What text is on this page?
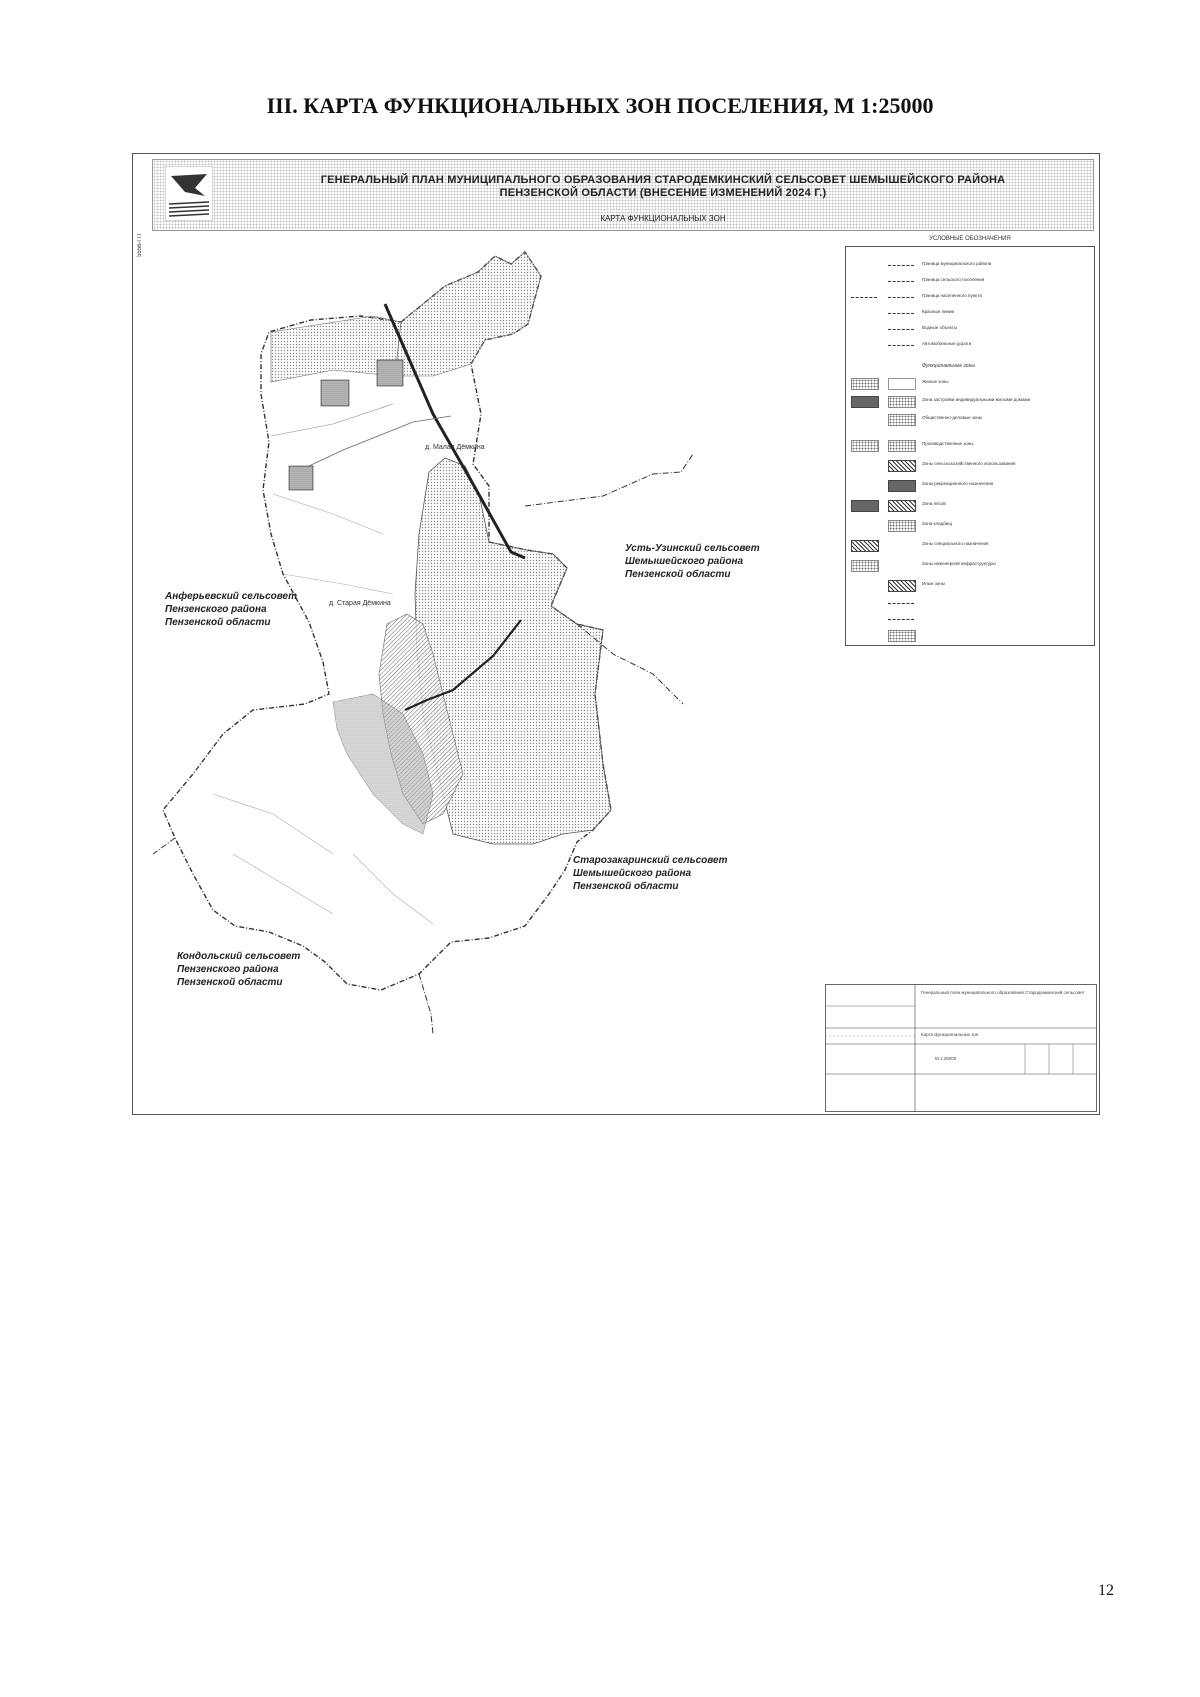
III. КАРТА ФУНКЦИОНАЛЬНЫХ ЗОН ПОСЕЛЕНИЯ, М 1:25000

ГЕНЕРАЛЬНЫЙ ПЛАН МУНИЦИПАЛЬНОГО ОБРАЗОВАНИЯ СТАРОДЕМКИНСКИЙ СЕЛЬСОВЕТ ШЕМЫШЕЙСКОГО РАЙОНА
ПЕНЗЕНСКОЙ ОБЛАСТИ (ВНЕСЕНИЕ ИЗМЕНЕНИЙ 2024 Г.)

КАРТА ФУНКЦИОНАЛЬНЫХ ЗОН
5556-ГП
д. Малая Дёмкина
д. Старая Дёмкина
Усть-Узинский сельсовет
Шемышейского района
Пензенской области
Анферьевский сельсовет
Пензенского района
Пензенской области
Старозакаринский сельсовет
Шемышейского района
Пензенской области
Кондольский сельсовет
Пензенского района
Пензенской области
УСЛОВНЫЕ ОБОЗНАЧЕНИЯ
Граница муниципального района
Граница сельского поселения
Граница населенного пункта
Красные линии
Водные объекты
Автомобильные дороги
Функциональные зоны
Жилые зоны
Зона застройки индивидуальными жилыми домами
Общественно-деловые зоны
Производственные зоны
Зоны сельскохозяйственного использования
Зоны рекреационного назначения
Зона лесов
Зона кладбищ
Зоны специального назначения
Зоны инженерной инфраструктуры
Иные зоны
Генеральный план муниципального образования Стародемкинский сельсовет
Карта функциональных зон
М 1:25000
12
